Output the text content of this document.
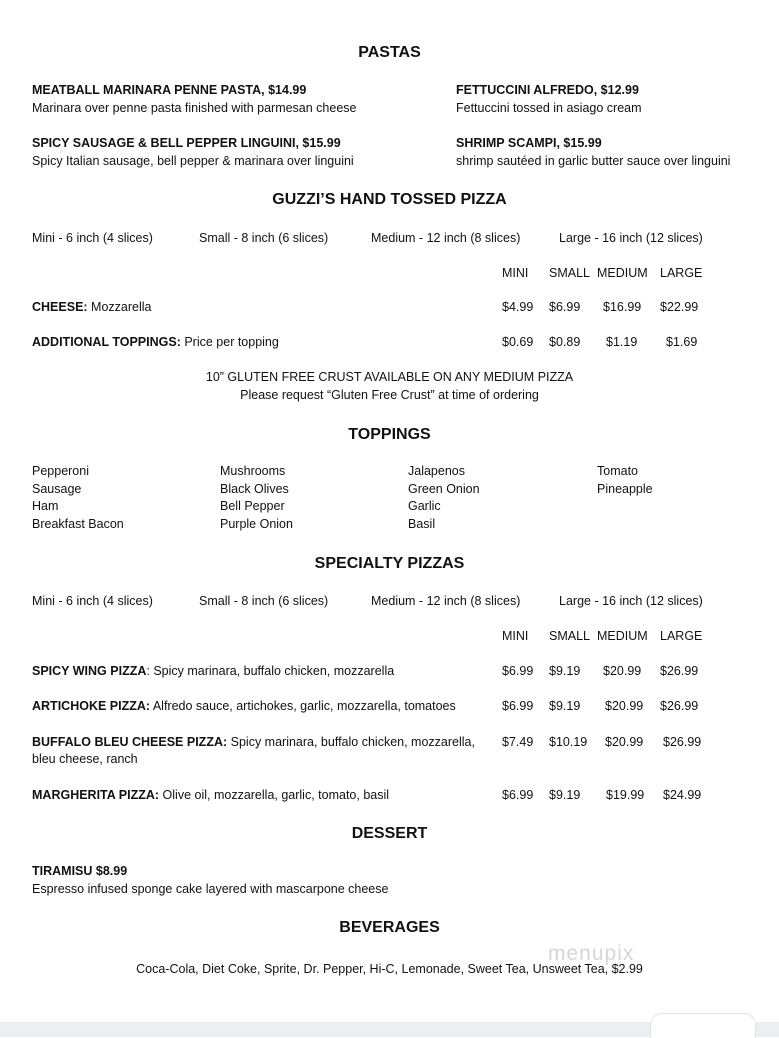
PASTAS
MEATBALL MARINARA PENNE PASTA, $14.99
Marinara over penne pasta finished with parmesan cheese
FETTUCCINI ALFREDO, $12.99
Fettuccini tossed in asiago cream
SPICY SAUSAGE & BELL PEPPER LINGUINI, $15.99
Spicy Italian sausage, bell pepper & marinara over linguini
SHRIMP SCAMPI, $15.99
shrimp sautéed in garlic butter sauce over linguini
GUZZI’S HAND TOSSED PIZZA
Mini - 6 inch (4 slices)	Small - 8 inch (6 slices)	Medium - 12 inch (8 slices)	Large - 16 inch (12 slices)
MINI SMALL MEDIUM LARGE
CHEESE: Mozzarella	$4.99 $6.99 $16.99 $22.99
ADDITIONAL TOPPINGS: Price per topping	$0.69 $0.89 $1.19 $1.69
10” GLUTEN FREE CRUST AVAILABLE ON ANY MEDIUM PIZZA
Please request “Gluten Free Crust” at time of ordering
TOPPINGS
Pepperoni
Sausage
Ham
Breakfast Bacon
Mushrooms
Black Olives
Bell Pepper
Purple Onion
Jalapenos
Green Onion
Garlic
Basil
Tomato
Pineapple
SPECIALTY PIZZAS
Mini - 6 inch (4 slices)	Small - 8 inch (6 slices)	Medium - 12 inch (8 slices)	Large - 16 inch (12 slices)
MINI SMALL MEDIUM LARGE
SPICY WING PIZZA: Spicy marinara, buffalo chicken, mozzarella	$6.99 $9.19 $20.99 $26.99
ARTICHOKE PIZZA: Alfredo sauce, artichokes, garlic, mozzarella, tomatoes	$6.99 $9.19 $20.99 $26.99
BUFFALO BLEU CHEESE PIZZA: Spicy marinara, buffalo chicken, mozzarella,
bleu cheese, ranch
$7.49 $10.19 $20.99 $26.99
MARGHERITA PIZZA: Olive oil, mozzarella, garlic, tomato, basil	$6.99 $9.19 $19.99 $24.99
DESSERT
TIRAMISU $8.99
Espresso infused sponge cake layered with mascarpone cheese
BEVERAGES
Coca-Cola, Diet Coke, Sprite, Dr. Pepper, Hi-C, Lemonade, Sweet Tea, Unsweet Tea, $2.99
menupix
